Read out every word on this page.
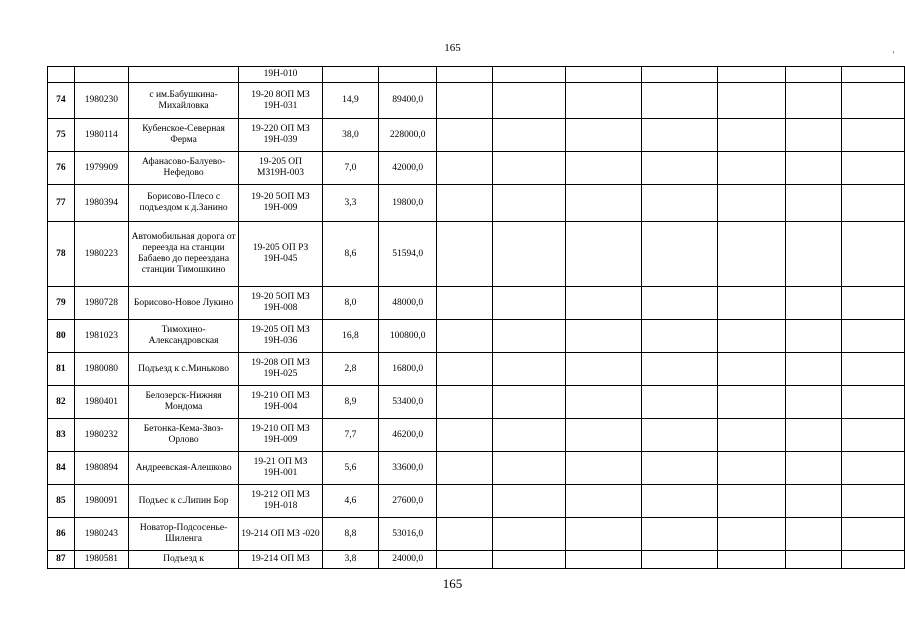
165
'
			19Н-010									
74	1980230	с им.Бабушкина-Михайловка	19-20 8ОП МЗ 19Н-031	14,9	89400,0							
75	1980114	Кубенское-Северная Ферма	19-220 ОП МЗ 19Н-039	38,0	228000,0							
76	1979909	Афанасово-Балуево-Нефедово	19-205 ОП МЗ19Н-003	7,0	42000,0							
77	1980394	Борисово-Плесо с подъездом к д.Занино	19-20 5ОП МЗ 19Н-009	3,3	19800,0							
78	1980223	Автомобильная дорога от переезда на станции Бабаево до переездана станции Тимошкино	19-205 ОП РЗ 19Н-045	8,6	51594,0							
79	1980728	Борисово-Новое Лукино	19-20 5ОП МЗ 19Н-008	8,0	48000,0							
80	1981023	Тимохино-Александровская	19-205 ОП МЗ 19Н-036	16,8	100800,0							
81	1980080	Подъезд к с.Миньково	19-208 ОП МЗ 19Н-025	2,8	16800,0							
82	1980401	Белозерск-Нижняя Мондома	19-210 ОП МЗ 19Н-004	8,9	53400,0							
83	1980232	Бетонка-Кема-Звоз-Орлово	19-210 ОП МЗ 19Н-009	7,7	46200,0							
84	1980894	Андреевская-Алешково	19-21 ОП МЗ 19Н-001	5,6	33600,0							
85	1980091	Подъес к с.Липин Бор	19-212 ОП МЗ 19Н-018	4,6	27600,0							
86	1980243	Новатор-Подсосенье-Шиленга	19-214 ОП МЗ -020	8,8	53016,0							
87	1980581	Подъезд к	19-214 ОП МЗ	3,8	24000,0							
165
